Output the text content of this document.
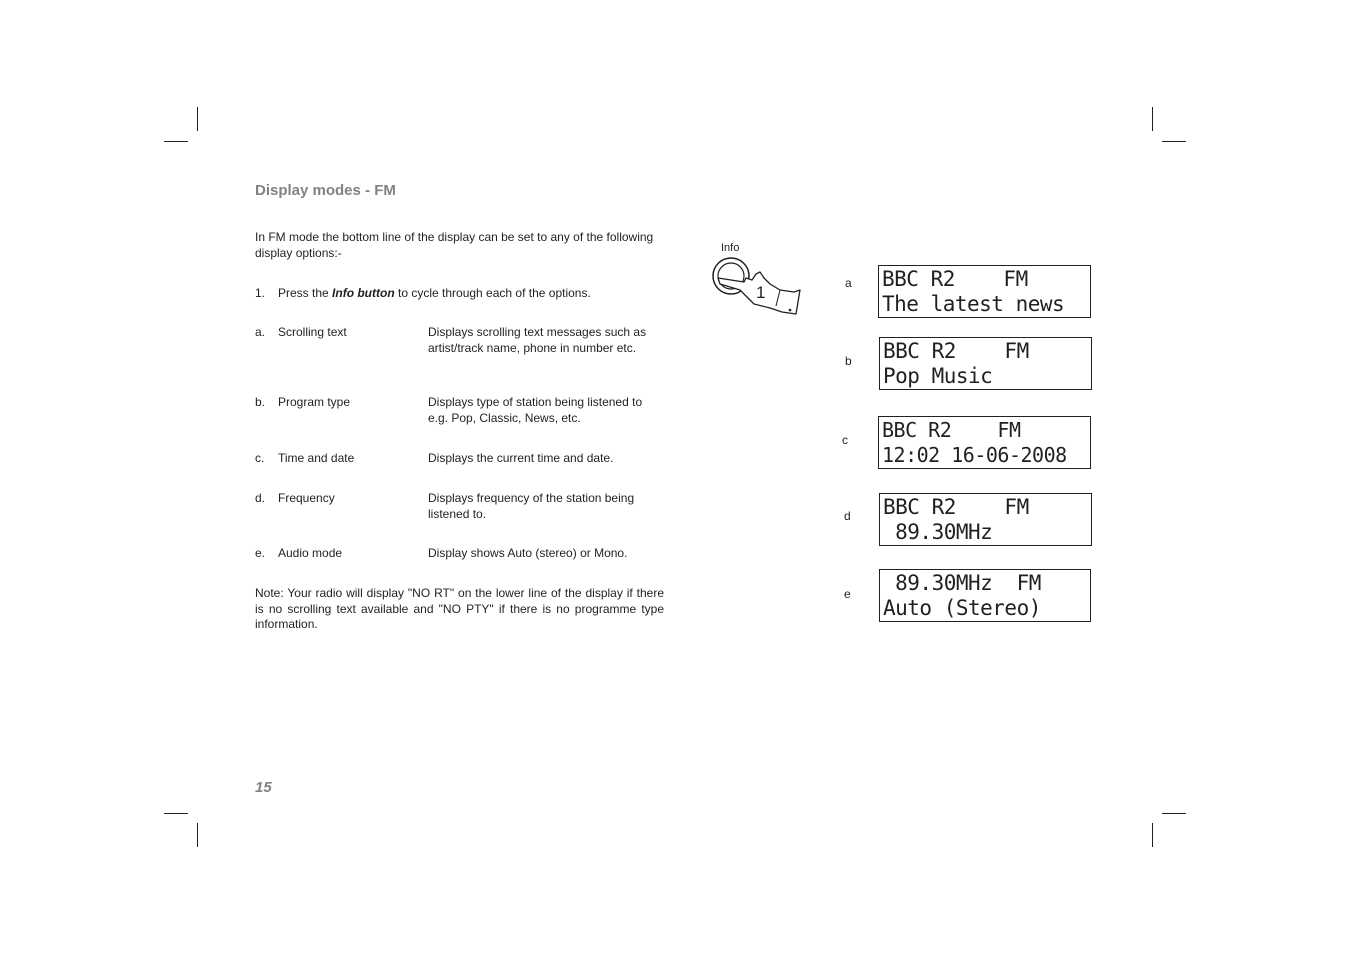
Display modes - FM
In FM mode the bottom line of the display can be set to any of the following display options:-
1. Press the Info button to cycle through each of the options.
a. Scrolling text	Displays scrolling text messages such as artist/track name, phone in number etc.
b. Program type	Displays type of station being listened to e.g. Pop, Classic, News, etc.
c. Time and date	Displays the current time and date.
d. Frequency	Displays frequency of the station being listened to.
e. Audio mode	Display shows Auto (stereo) or Mono.
Note: Your radio will display "NO RT" on the lower line of the display if there is no scrolling text available and "NO PTY" if there is no programme type information.
15
Info
1	a BBC R2    FM
The latest news
b BBC R2    FM
Pop Music
c BBC R2    FM
12:02 16-06-2008
d BBC R2    FM
89.30MHz
e 89.30MHz  FM
Auto (Stereo)
